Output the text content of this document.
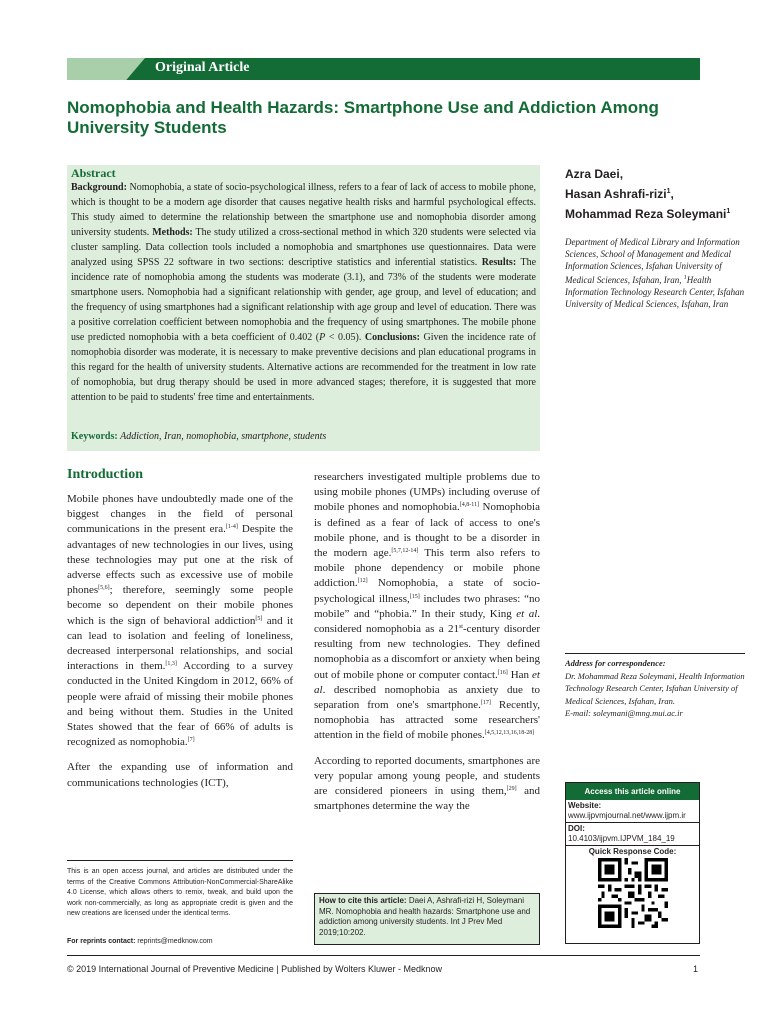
Original Article
Nomophobia and Health Hazards: Smartphone Use and Addiction Among University Students
Abstract
Background: Nomophobia, a state of socio-psychological illness, refers to a fear of lack of access to mobile phone, which is thought to be a modern age disorder that causes negative health risks and harmful psychological effects. This study aimed to determine the relationship between the smartphone use and nomophobia disorder among university students. Methods: The study utilized a cross-sectional method in which 320 students were selected via cluster sampling. Data collection tools included a nomophobia and smartphones use questionnaires. Data were analyzed using SPSS 22 software in two sections: descriptive statistics and inferential statistics. Results: The incidence rate of nomophobia among the students was moderate (3.1), and 73% of the students were moderate smartphone users. Nomophobia had a significant relationship with gender, age group, and level of education; and the frequency of using smartphones had a significant relationship with age group and level of education. There was a positive correlation coefficient between nomophobia and the frequency of using smartphones. The mobile phone use predicted nomophobia with a beta coefficient of 0.402 (P < 0.05). Conclusions: Given the incidence rate of nomophobia disorder was moderate, it is necessary to make preventive decisions and plan educational programs in this regard for the health of university students. Alternative actions are recommended for the treatment in low rate of nomophobia, but drug therapy should be used in more advanced stages; therefore, it is suggested that more attention to be paid to students' free time and entertainments.
Keywords: Addiction, Iran, nomophobia, smartphone, students
Azra Daei,
Hasan Ashrafi-rizi$^1$,
Mohammad Reza Soleymani$^1$
Department of Medical Library and Information Sciences, School of Management and Medical Information Sciences, Isfahan University of Medical Sciences, Isfahan, Iran, $^1$Health Information Technology Research Center, Isfahan University of Medical Sciences, Isfahan, Iran
Introduction

Mobile phones have undoubtedly made one of the biggest changes in the field of personal communications in the present era.[1-4] Despite the advantages of new technologies in our lives, using these technologies may put one at the risk of adverse effects such as excessive use of mobile phones[5,6]; therefore, seemingly some people become so dependent on their mobile phones which is the sign of behavioral addiction[5] and it can lead to isolation and feeling of loneliness, decreased interpersonal relationships, and social interactions in them.[1,3] According to a survey conducted in the United Kingdom in 2012, 66% of people were afraid of missing their mobile phones and being without them. Studies in the United States showed that the fear of 66% of adults is recognized as nomophobia.[7]

After the expanding use of information and communications technologies (ICT),

researchers investigated multiple problems due to using mobile phones (UMPs) including overuse of mobile phones and nomophobia.[4,8-11] Nomophobia is defined as a fear of lack of access to one's mobile phone, and is thought to be a disorder in the modern age.[5,7,12-14] This term also refers to mobile phone dependency or mobile phone addiction.[12] Nomophobia, a state of socio-psychological illness,[15] includes two phrases: “no mobile” and “phobia.” In their study, King et al. considered nomophobia as a 21st-century disorder resulting from new technologies. They defined nomophobia as a discomfort or anxiety when being out of mobile phone or computer contact.[16] Han et al. described nomophobia as anxiety due to separation from one's smartphone.[17] Recently, nomophobia has attracted some researchers' attention in the field of mobile phones.[4,5,12,13,16,18-28]

According to reported documents, smartphones are very popular among young people, and students are considered pioneers in using them,[29] and smartphones determine the way the

This is an open access journal, and articles are distributed under the terms of the Creative Commons Attribution-NonCommercial-ShareAlike 4.0 License, which allows others to remix, tweak, and build upon the work non-commercially, as long as appropriate credit is given and the new creations are licensed under the identical terms.
For reprints contact: reprints@medknow.com
Address for correspondence:
Dr. Mohammad Reza Soleymani, Health Information Technology Research Center, Isfahan University of Medical Sciences, Isfahan, Iran.
E-mail: soleymani@mng.mui.ac.ir
Access this article online
Website:
www.ijpvmjournal.net/www.ijpm.ir
DOI:
10.4103/ijpvm.IJPVM_184_19
Quick Response Code:
How to cite this article: Daei A, Ashrafi-rizi H, Soleymani MR. Nomophobia and health hazards: Smartphone use and addiction among university students. Int J Prev Med 2019;10:202.
© 2019 International Journal of Preventive Medicine | Published by Wolters Kluwer - Medknow	1
